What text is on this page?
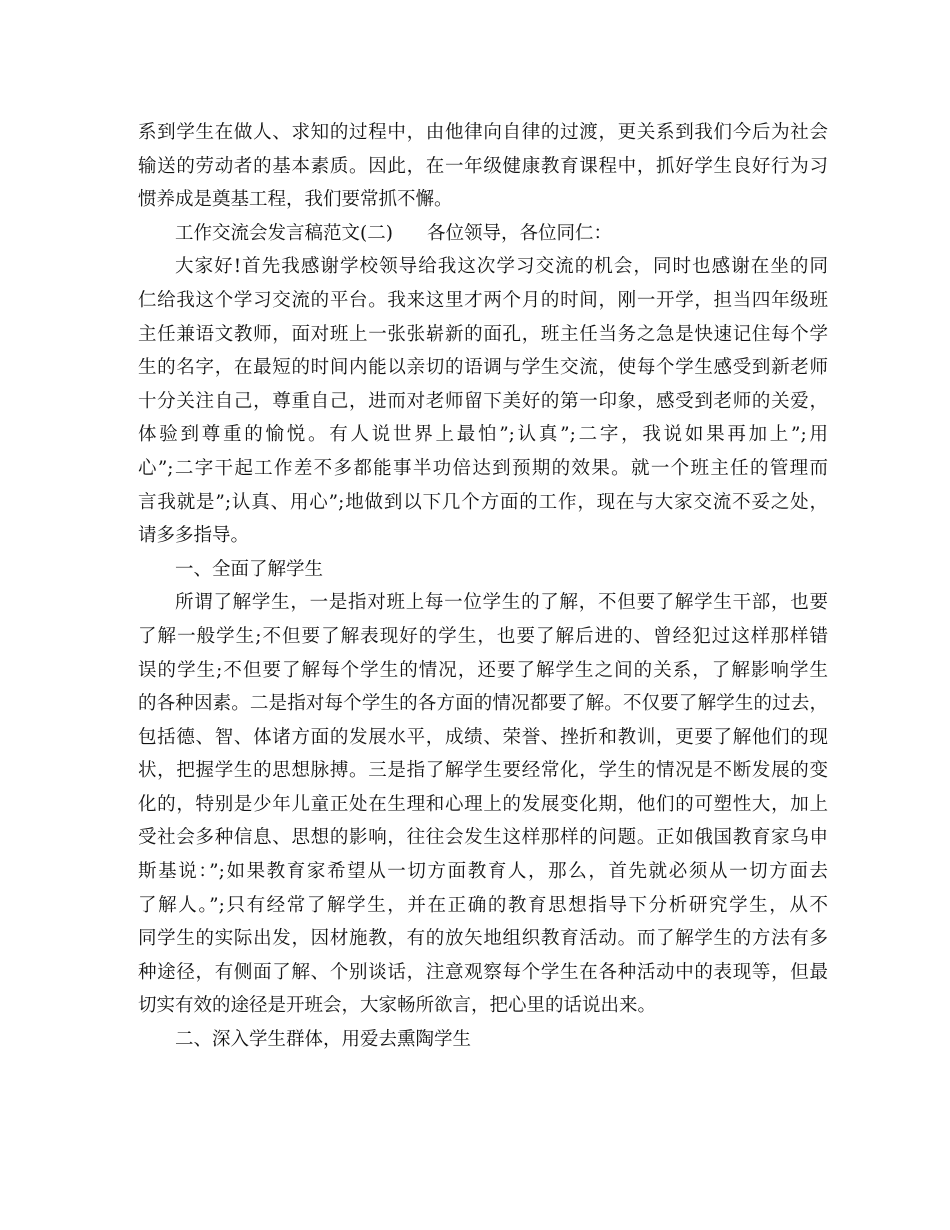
系到学生在做人、求知的过程中，由他律向自律的过渡，更关系到我们今后为社会
输送的劳动者的基本素质。因此，在一年级健康教育课程中，抓好学生良好行为习
惯养成是奠基工程，我们要常抓不懈。
工作交流会发言稿范文(二) 各位领导，各位同仁：
大家好!首先我感谢学校领导给我这次学习交流的机会，同时也感谢在坐的同
仁给我这个学习交流的平台。我来这里才两个月的时间，刚一开学，担当四年级班
主任兼语文教师，面对班上一张张崭新的面孔，班主任当务之急是快速记住每个学
生的名字，在最短的时间内能以亲切的语调与学生交流，使每个学生感受到新老师
十分关注自己，尊重自己，进而对老师留下美好的第一印象，感受到老师的关爱，
体验到尊重的愉悦。有人说世界上最怕”;认真”;二字，我说如果再加上”;用
心”;二字干起工作差不多都能事半功倍达到预期的效果。就一个班主任的管理而
言我就是”;认真、用心”;地做到以下几个方面的工作，现在与大家交流不妥之处，
请多多指导。
一、全面了解学生
所谓了解学生，一是指对班上每一位学生的了解，不但要了解学生干部，也要
了解一般学生;不但要了解表现好的学生，也要了解后进的、曾经犯过这样那样错
误的学生;不但要了解每个学生的情况，还要了解学生之间的关系，了解影响学生
的各种因素。二是指对每个学生的各方面的情况都要了解。不仅要了解学生的过去，
包括德、智、体诸方面的发展水平，成绩、荣誉、挫折和教训，更要了解他们的现
状，把握学生的思想脉搏。三是指了解学生要经常化，学生的情况是不断发展的变
化的，特别是少年儿童正处在生理和心理上的发展变化期，他们的可塑性大，加上
受社会多种信息、思想的影响，往往会发生这样那样的问题。正如俄国教育家乌申
斯基说：”;如果教育家希望从一切方面教育人，那么，首先就必须从一切方面去
了解人。”;只有经常了解学生，并在正确的教育思想指导下分析研究学生，从不
同学生的实际出发，因材施教，有的放矢地组织教育活动。而了解学生的方法有多
种途径，有侧面了解、个别谈话，注意观察每个学生在各种活动中的表现等，但最
切实有效的途径是开班会，大家畅所欲言，把心里的话说出来。
二、深入学生群体，用爱去熏陶学生
